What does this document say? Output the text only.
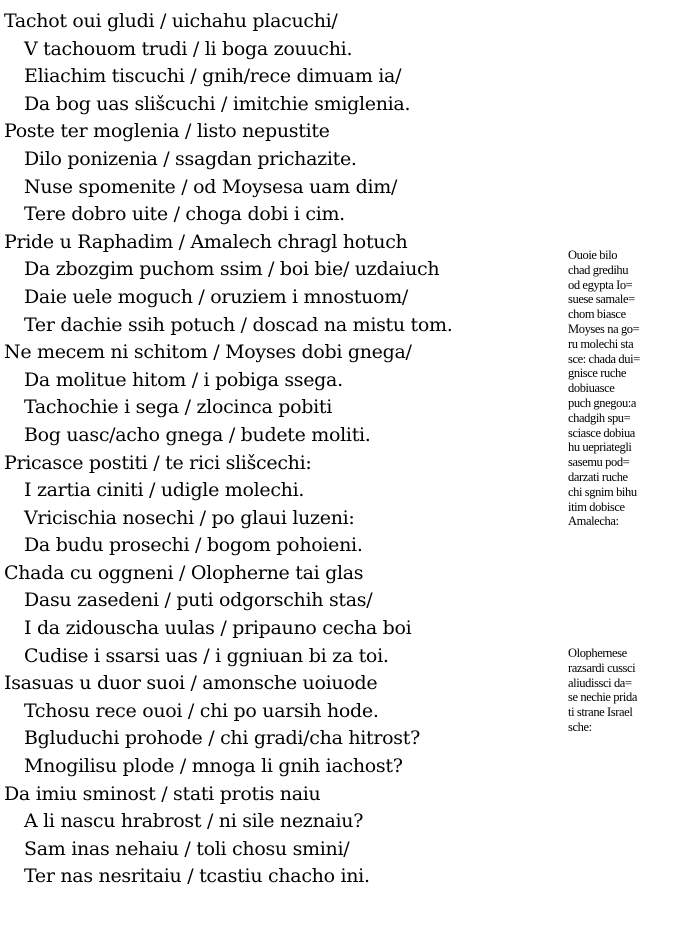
Tachot oui gludi / uichahu placuchi/
V tachouom trudi / li boga zouuchi.
Eliachim tiscuchi / gnih/rece dimuam ia/
Da bog uas slišcuchi / imitchie smiglenia.
Poste ter moglenia / listo nepustite
Dilo ponizenia / ssagdan prichazite.
Nuse spomenite / od Moysesa uam dim/
Tere dobro uite / choga dobi i cim.
Pride u Raphadim / Amalech chragl hotuch
Da zbozgim puchom ssim / boi bie/ uzdaiuch
Daie uele moguch / oruziem i mnostuom/
Ter dachie ssih potuch / doscad na mistu tom.
Ne mecem ni schitom / Moyses dobi gnega/
Da molitue hitom / i pobiga ssega.
Tachochie i sega / zlocinca pobiti
Bog uasc/acho gnega / budete moliti.
Pricasce postiti / te rici slišcechi:
I zartia ciniti / udigle molechi.
Vricischia nosechi / po glaui luzeni:
Da budu prosechi / bogom pohoieni.
Chada cu oggneni / Olopherne tai glas
Dasu zasedeni / puti odgorschih stas/
I da zidouscha uulas / pripauno cecha boi
Cudise i ssarsi uas / i ggniuan bi za toi.
Isasuas u duor suoi / amonsche uoiuode
Tchosu rece ouoi / chi po uarsih hode.
Bgluduchi prohode / chi gradi/cha hitrost?
Mnogilisu plode / mnoga li gnih iachost?
Da imiu sminost / stati protis naiu
A li nascu hrabrost / ni sile neznaiu?
Sam inas nehaiu / toli chosu smini/
Ter nas nesritaiu / tcastiu chacho ini.
Ouoie bilo
chad gredihu
od egypta Io=
suese samale=
chom biasce
Moyses na go=
ru molechi sta
sce: chada dui=
gnisce ruche
dobiuasce
puch gnegou:a
chadgih spu=
sciasce dobiua
hu uepriategli
sasemu pod=
darzati ruche
chi sgnim bihu
itim dobisce
Amalecha:
Olophernese
razsardi cussci
aliudissci da=
se nechie prida
ti strane Israel
sche:
